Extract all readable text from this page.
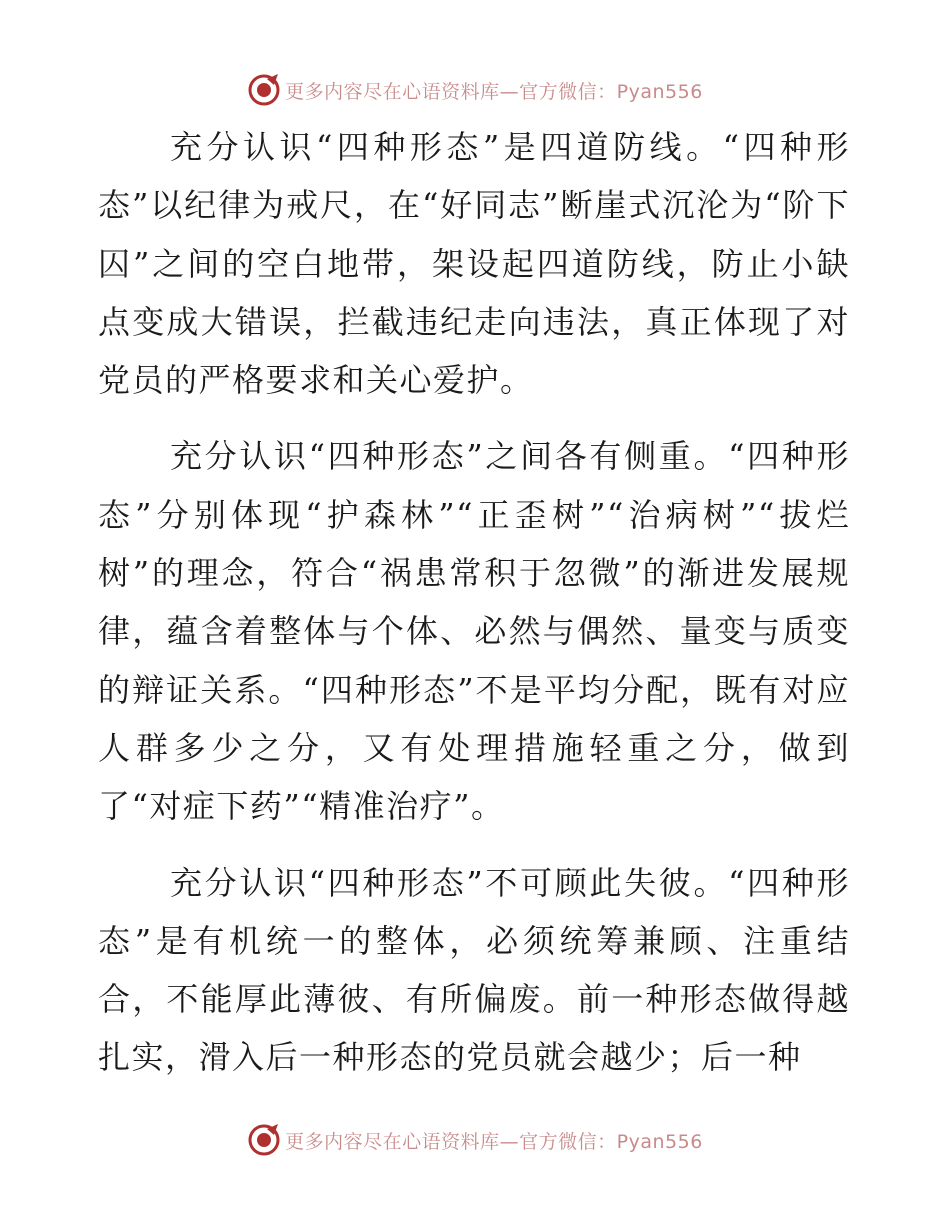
更多内容尽在心语资料库—官方微信：Pyan556

充分认识“四种形态”是四道防线。“四种形态”以纪律为戒尺，在“好同志”断崖式沉沦为“阶下囚”之间的空白地带，架设起四道防线，防止小缺点变成大错误，拦截违纪走向违法，真正体现了对党员的严格要求和关心爱护。

充分认识“四种形态”之间各有侧重。“四种形态”分别体现“护森林”“正歪树”“治病树”“拔烂树”的理念，符合“祸患常积于忽微”的渐进发展规律，蕴含着整体与个体、必然与偶然、量变与质变的辩证关系。“四种形态”不是平均分配，既有对应人群多少之分，又有处理措施轻重之分，做到了“对症下药”“精准治疗”。

充分认识“四种形态”不可顾此失彼。“四种形态”是有机统一的整体，必须统筹兼顾、注重结合，不能厚此薄彼、有所偏废。前一种形态做得越扎实，滑入后一种形态的党员就会越少；后一种

更多内容尽在心语资料库—官方微信：Pyan556
